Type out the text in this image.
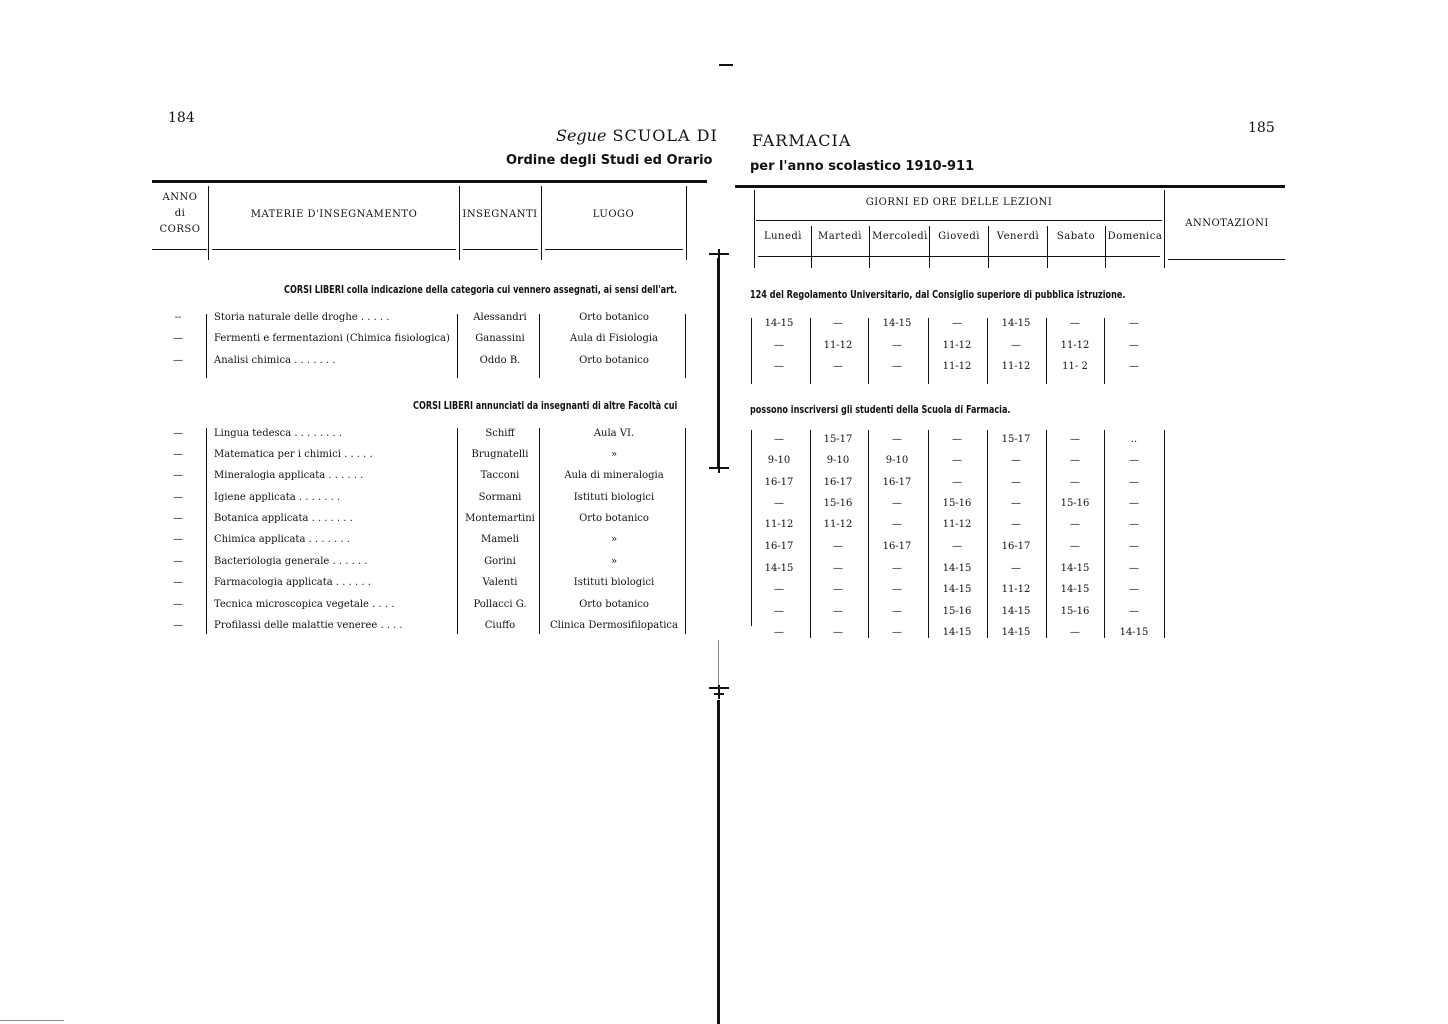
184
Segue SCUOLA DI
Ordine degli Studi ed Orario
ANNO
di
CORSO
MATERIE D'INSEGNAMENTO	INSEGNANTI	LUOGO
CORSI LIBERI colla indicazione della categoria cui vennero assegnati, ai sensi dell'art.
--	Storia naturale delle droghe . . . . .	Alessandri	Orto botanico
—	Fermenti e fermentazioni (Chimica fisiologica)	Ganassini	Aula di Fisiologia
—	Analisi chimica . . . . . . .	Oddo B.	Orto botanico
CORSI LIBERI annunciati da insegnanti di altre Facoltà cui
—	Lingua tedesca . . . . . . . .	Schiff	Aula VI.
—	Matematica per i chimici . . . . .	Brugnatelli	»
—	Mineralogia applicata . . . . . .	Tacconi	Aula di mineralogia
—	Igiene applicata . . . . . . .	Sormani	Istituti biologici
—	Botanica applicata . . . . . . .	Montemartini	Orto botanico
—	Chimica applicata . . . . . . .	Mameli	»
—	Bacteriologia generale . . . . . .	Gorini	»
—	Farmacologia applicata . . . . . .	Valenti	Istituti biologici
—	Tecnica microscopica vegetale . . . .	Pollacci G.	Orto botanico
—	Profilassi delle malattie veneree . . . .	Ciuffo	Clinica Dermosifilopatica
185
FARMACIA
per l'anno scolastico 1910-911
GIORNI ED ORE DELLE LEZIONI
ANNOTAZIONI
Lunedì	Martedì	Mercoledì	Giovedì	Venerdì	Sabato	Domenica
124 del Regolamento Universitario, dal Consiglio superiore di pubblica istruzione.
14-15	—	14-15	—	14-15	—	—
—	11-12	—	11-12	—	11-12	—
—	—	—	11-12	11-12	11- 2	—
possono inscriversi gli studenti della Scuola di Farmacia.
—	15-17	—	—	15-17	—	..
9-10	9-10	9-10	—	—	—	—
16-17	16-17	16-17	—	—	—	—
—	15-16	—	15-16	—	15-16	—
11-12	11-12	—	11-12	—	—	—
16-17	—	16-17	—	16-17	—	—
14-15	—	—	14-15	—	14-15	—
—	—	—	14-15	11-12	14-15	—
—	—	—	15-16	14-15	15-16	—
—	—	—	14-15	14-15	—	14-15
